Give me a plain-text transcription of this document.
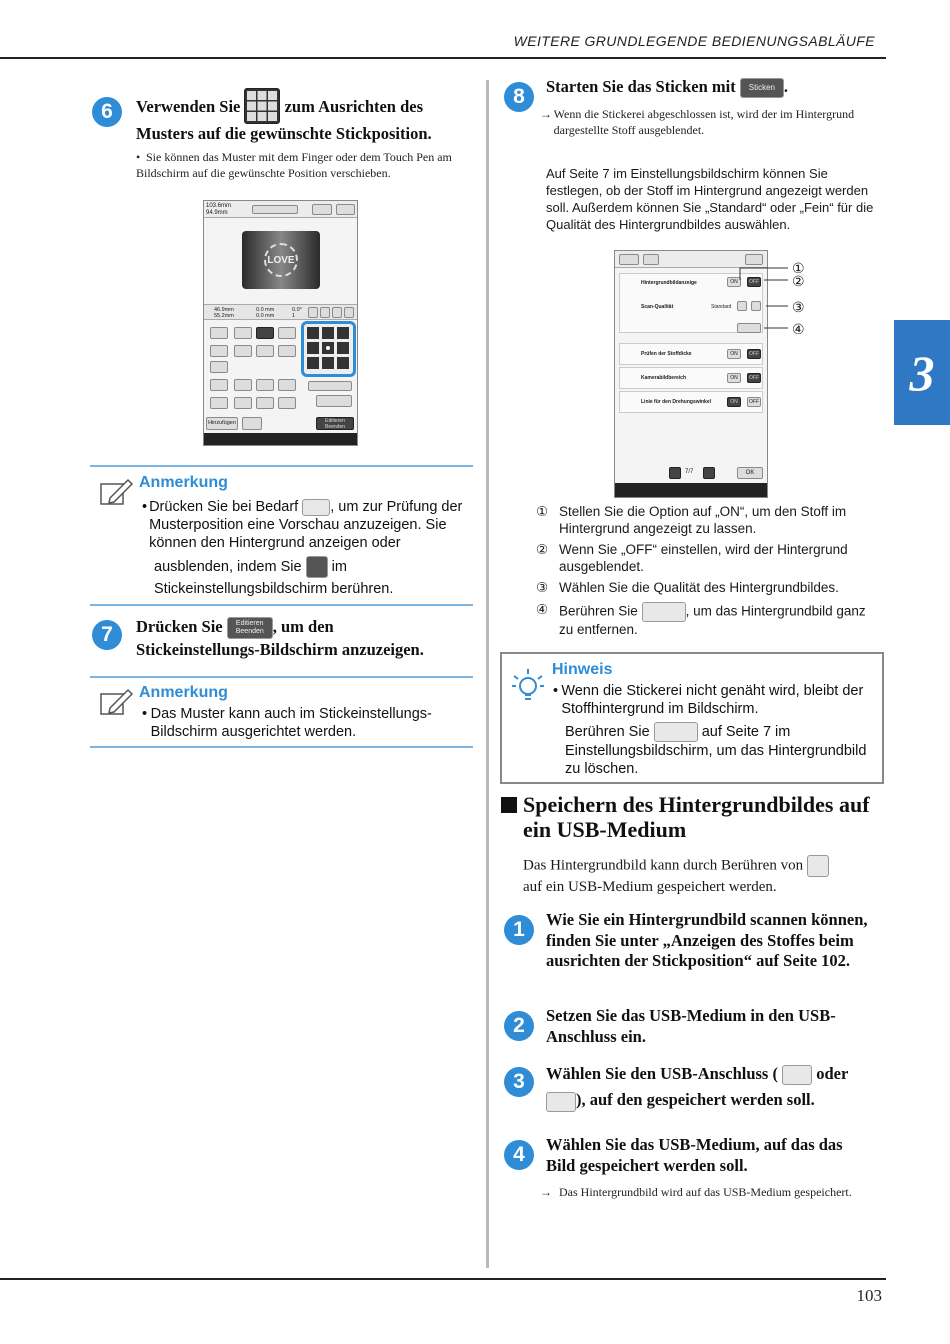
WEITERE GRUNDLEGENDE BEDIENUNGSABLÄUFE
3
6	Verwenden Sie	zum Ausrichten des
Musters auf die gewünschte Stickposition.
• Sie können das Muster mit dem Finger oder dem Touch Pen am Bildschirm auf die gewünschte Position verschieben.
103.6mm
94.9mm
LOVE
46.9mm
55.2mm
0.0 mm
0.0 mm
0.0°
1
Hinzufügen	Editieren Beenden
Anmerkung
• Drücken Sie bei Bedarf , um zur Prüfung der Musterposition eine Vorschau anzuzeigen. Sie können den Hintergrund anzeigen oder
ausblenden, indem Sie im
Stickeinstellungsbildschirm berühren.
7	Drücken Sie Editieren Beenden , um den
Stickeinstellungs-Bildschirm anzuzeigen.
Anmerkung
• Das Muster kann auch im Stickeinstellungs-Bildschirm ausgerichtet werden.
8	Starten Sie das Sticken mit Sticken .
→ Wenn die Stickerei abgeschlossen ist, wird der im Hintergrund dargestellte Stoff ausgeblendet.
Auf Seite 7 im Einstellungsbildschirm können Sie festlegen, ob der Stoff im Hintergrund angezeigt werden soll. Außerdem können Sie „Standard“ oder „Fein“ für die Qualität des Hintergrundbildes auswählen.
Hintergrundbildanzeige	ON	OFF
Scan-Qualität	Standard
Prüfen der Stoffdicke	ON	OFF
Kamerabildbereich	ON	OFF
Linie für den Drehungswinkel	ON	OFF
7/7	OK
①
②
③
④
① Stellen Sie die Option auf „ON“, um den Stoff im Hintergrund angezeigt zu lassen.
② Wenn Sie „OFF“ einstellen, wird der Hintergrund ausgeblendet.
③ Wählen Sie die Qualität des Hintergrundbildes.
④ Berühren Sie	, um das Hintergrundbild ganz zu entfernen.
Hinweis
• Wenn die Stickerei nicht genäht wird, bleibt der Stoffhintergrund im Bildschirm.
Berühren Sie	auf Seite 7 im Einstellungsbildschirm, um das Hintergrundbild zu löschen.
Speichern des Hintergrundbildes auf
ein USB-Medium
Das Hintergrundbild kann durch Berühren von
auf ein USB-Medium gespeichert werden.
1	Wie Sie ein Hintergrundbild scannen können, finden Sie unter „Anzeigen des Stoffes beim ausrichten der Stickposition“ auf Seite 102.
2	Setzen Sie das USB-Medium in den USB-Anschluss ein.
3	Wählen Sie den USB-Anschluss ( oder
), auf den gespeichert werden soll.
4	Wählen Sie das USB-Medium, auf das das Bild gespeichert werden soll.
→ Das Hintergrundbild wird auf das USB-Medium gespeichert.
103
